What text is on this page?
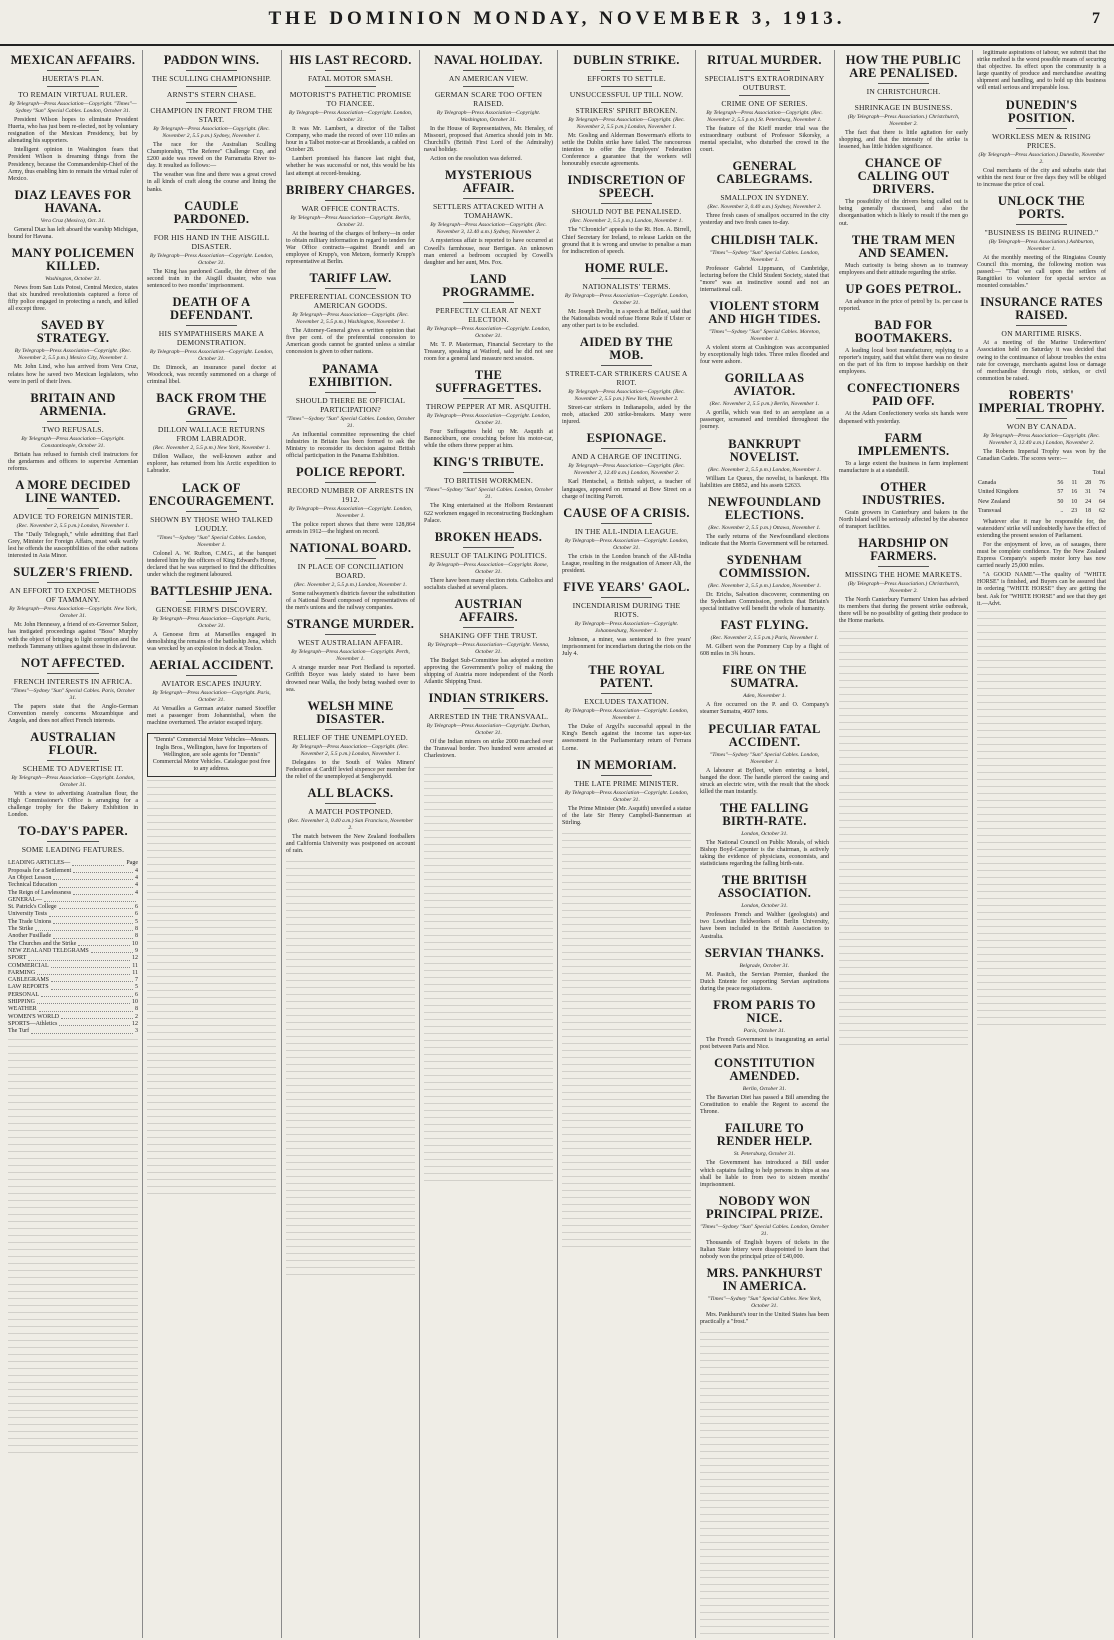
THE DOMINION MONDAY, NOVEMBER 3, 1913.	7
MEXICAN AFFAIRS.
HUERTA'S PLAN.
TO REMAIN VIRTUAL RULER.
By Telegraph—Press Association—Copyright. "Times"—Sydney "Sun" Special Cables. London, October 31.

President Wilson hopes to eliminate President Huerta, who has just been re-elected, not by voluntary resignation of the Mexican Presidency, but by alienating his supporters.

Intelligent opinion in Washington fears that President Wilson is dreaming things from the Presidency, because the Commandership-Chief of the Army, thus enabling him to remain the virtual ruler of Mexico.

DIAZ LEAVES FOR HAVANA.
Vera Cruz (Mexico), Oct. 31.

General Diaz has left aboard the warship Michigan, bound for Havana.

MANY POLICEMEN KILLED.
Washington, October 31.

News from San Luis Potosi, Central Mexico, states that six hundred revolutionists captured a force of fifty police engaged in protecting a ranch, and killed all except three.

SAVED BY STRATEGY.
By Telegraph—Press Association—Copyright. (Rec. November 2, 5.5 p.m.) Mexico City, November 1.

Mr. John Lind, who has arrived from Vera Cruz, relates how he saved two Mexican legislators, who were in peril of their lives.

BRITAIN AND ARMENIA.
TWO REFUSALS.
By Telegraph—Press Association—Copyright. Constantinople, October 31.

Britain has refused to furnish civil instructors for the gendarmes and officers to supervise Armenian reforms.

A MORE DECIDED LINE WANTED.
ADVICE TO FOREIGN MINISTER.
(Rec. November 2, 5.5 p.m.) London, November 1.

The "Daily Telegraph," while admitting that Earl Grey, Minister for Foreign Affairs, must walk warily lest he offends the susceptibilities of the other nations interested in Asia Minor.

SULZER'S FRIEND.
AN EFFORT TO EXPOSE METHODS OF TAMMANY.
By Telegraph—Press Association—Copyright. New York, October 31.

Mr. John Hennessy, a friend of ex-Governor Sulzer, has instigated proceedings against "Boss" Murphy with the object of bringing to light corruption and the methods Tammany utilises against those in disfavour.

NOT AFFECTED.
FRENCH INTERESTS IN AFRICA.
"Times"—Sydney "Sun" Special Cables. Paris, October 31.

The papers state that the Anglo-German Convention merely concerns Mozambique and Angola, and does not affect French interests.

AUSTRALIAN FLOUR.
SCHEME TO ADVERTISE IT.
By Telegraph—Press Association—Copyright. London, October 31.

With a view to advertising Australian flour, the High Commissioner's Office is arranging for a challenge trophy for the Bakery Exhibition in London.

TO-DAY'S PAPER.
SOME LEADING FEATURES.
LEADING ARTICLES—	Page
Proposals for a Settlement	4
An Object Lesson	4
Technical Education	4
The Reign of Lawlessness	4
GENERAL—
St. Patrick's College	6
University Tests	6
The Trade Unions	5
The Strike	8
Another Fusillade	8
The Churches and the Strike	10
NEW ZEALAND TELEGRAMS	9
SPORT	12
COMMERCIAL	11
FARMING	11
CABLEGRAMS	7
LAW REPORTS	5
PERSONAL	6
SHIPPING	10
WEATHER	8
WOMEN'S WORLD	2
SPORTS—Athletics	12
The Turf	3
PADDON WINS.
THE SCULLING CHAMPIONSHIP.
ARNST'S STERN CHASE.
CHAMPION IN FRONT FROM THE START.
By Telegraph—Press Association—Copyright. (Rec. November 2, 5.5 p.m.) Sydney, November 1.

The race for the Australian Sculling Championship, "The Referee" Challenge Cup, and £200 aside was rowed on the Parramatta River to-day. It resulted as follows:—

The weather was fine and there was a great crowd in all kinds of craft along the course and lining the banks.

CAUDLE PARDONED.
FOR HIS HAND IN THE AISGILL DISASTER.
By Telegraph—Press Association—Copyright. London, October 31.

The King has pardoned Caudle, the driver of the second train in the Aisgill disaster, who was sentenced to two months' imprisonment.

DEATH OF A DEFENDANT.
HIS SYMPATHISERS MAKE A DEMONSTRATION.
By Telegraph—Press Association—Copyright. London, October 31.

Dr. Dimock, an insurance panel doctor at Woodcock, was recently summoned on a charge of criminal libel.

BACK FROM THE GRAVE.
DILLON WALLACE RETURNS FROM LABRADOR.
(Rec. November 2, 5.5 p.m.) New York, November 1.

Dillon Wallace, the well-known author and explorer, has returned from his Arctic expedition to Labrador.

LACK OF ENCOURAGEMENT.
SHOWN BY THOSE WHO TALKED LOUDLY.
"Times"—Sydney "Sun" Special Cables. London, November 1.

Colonel A. W. Rufton, C.M.G., at the banquet tendered him by the officers of King Edward's Horse, declared that he was surprised to find the difficulties under which the regiment laboured.

BATTLESHIP JENA.
GENOESE FIRM'S DISCOVERY.
By Telegraph—Press Association—Copyright. Paris, October 31.

A Genoese firm at Marseilles engaged in demolishing the remains of the battleship Jena, which was wrecked by an explosion in dock at Toulon.

AERIAL ACCIDENT.
AVIATOR ESCAPES INJURY.
By Telegraph—Press Association—Copyright. Paris, October 31.

At Versailles a German aviator named Stoeffler met a passenger from Johannisthal, when the machine overturned. The aviator escaped injury.

"Dennis" Commercial Motor Vehicles—Messrs. Inglis Bros., Wellington, have for Importers of Wellington, are sole agents for "Dennis" Commercial Motor Vehicles. Catalogue post free to any address.
HIS LAST RECORD.
FATAL MOTOR SMASH.
MOTORIST'S PATHETIC PROMISE TO FIANCEE.
By Telegraph—Press Association—Copyright. London, October 31.

It was Mr. Lambert, a director of the Talbot Company, who made the record of over 110 miles an hour in a Talbot motor-car at Brooklands, a cabled on October 28.

Lambert promised his fiancee last night that, whether he was successful or not, this would be his last attempt at record-breaking.

BRIBERY CHARGES.
WAR OFFICE CONTRACTS.
By Telegraph—Press Association—Copyright. Berlin, October 31.

At the hearing of the charges of bribery—in order to obtain military information in regard to tenders for War Office contracts—against Brandt and an employee of Krupp's, von Metzen, formerly Krupp's representative at Berlin.

TARIFF LAW.
PREFERENTIAL CONCESSION TO AMERICAN GOODS.
By Telegraph—Press Association—Copyright. (Rec. November 2, 5.5 p.m.) Washington, November 1.

The Attorney-General gives a written opinion that five per cent. of the preferential concession to American goods cannot be granted unless a similar concession is given to other nations.

PANAMA EXHIBITION.
SHOULD THERE BE OFFICIAL PARTICIPATION?
"Times"—Sydney "Sun" Special Cables. London, October 31.

An influential committee representing the chief industries in Britain has been formed to ask the Ministry to reconsider its decision against British official participation in the Panama Exhibition.

POLICE REPORT.
RECORD NUMBER OF ARRESTS IN 1912.
By Telegraph—Press Association—Copyright. London, November 1.

The police report shows that there were 128,864 arrests in 1912—the highest on record.

NATIONAL BOARD.
IN PLACE OF CONCILIATION BOARD.
(Rec. November 2, 5.5 p.m.) London, November 1.

Some railwaymen's districts favour the substitution of a National Board composed of representatives of the men's unions and the railway companies.

STRANGE MURDER.
WEST AUSTRALIAN AFFAIR.
By Telegraph—Press Association—Copyright. Perth, November 1.

A strange murder near Port Hedland is reported. Griffith Boyce was lately stated to have been drowned near Walla, the body being washed over to sea.

WELSH MINE DISASTER.
RELIEF OF THE UNEMPLOYED.
By Telegraph—Press Association—Copyright. (Rec. November 2, 5.5 p.m.) London, November 1.

Delegates to the South of Wales Miners' Federation at Cardiff levied sixpence per member for the relief of the unemployed at Senghenydd.

ALL BLACKS.
A MATCH POSTPONED.
(Rec. November 3, 0.40 a.m.) San Francisco, November 2.

The match between the New Zealand footballers and California University was postponed on account of rain.

NAVAL HOLIDAY.
AN AMERICAN VIEW.
GERMAN SCARE TOO OFTEN RAISED.
By Telegraph—Press Association—Copyright. Washington, October 31.

In the House of Representatives, Mr. Hensley, of Missouri, proposed that America should join in Mr. Churchill's (British First Lord of the Admiralty) naval holiday.

Action on the resolution was deferred.

MYSTERIOUS AFFAIR.
SETTLERS ATTACKED WITH A TOMAHAWK.
By Telegraph—Press Association—Copyright. (Rec. November 3, 12.40 a.m.) Sydney, November 2.

A mysterious affair is reported to have occurred at Cowell's farmhouse, near Berrigan. An unknown man entered a bedroom occupied by Cowell's daughter and her aunt, Mrs. Fox.

LAND PROGRAMME.
PERFECTLY CLEAR AT NEXT ELECTION.
By Telegraph—Press Association—Copyright. London, October 31.

Mr. T. P. Masterman, Financial Secretary to the Treasury, speaking at Watford, said he did not see room for a general land measure next session.

THE SUFFRAGETTES.
THROW PEPPER AT MR. ASQUITH.
By Telegraph—Press Association—Copyright. London, October 31.

Four Suffragettes held up Mr. Asquith at Bannockburn, one crouching before his motor-car, while the others threw pepper at him.

KING'S TRIBUTE.
TO BRITISH WORKMEN.
"Times"—Sydney "Sun" Special Cables. London, October 31.

The King entertained at the Holborn Restaurant 622 workmen engaged in reconstructing Buckingham Palace.

BROKEN HEADS.
RESULT OF TALKING POLITICS.
By Telegraph—Press Association—Copyright. Rome, October 31.

There have been many election riots. Catholics and socialists clashed at several places.

AUSTRIAN AFFAIRS.
SHAKING OFF THE TRUST.
By Telegraph—Press Association—Copyright. Vienna, October 31.

The Budget Sub-Committee has adopted a motion approving the Government's policy of making the shipping of Austria more independent of the North Atlantic Shipping Trust.

INDIAN STRIKERS.
ARRESTED IN THE TRANSVAAL.
By Telegraph—Press Association—Copyright. Durban, October 31.

Of the Indian miners on strike 2000 marched over the Transvaal border. Two hundred were arrested at Charlestown.

DUBLIN STRIKE.
EFFORTS TO SETTLE.
UNSUCCESSFUL UP TILL NOW.
STRIKERS' SPIRIT BROKEN.
By Telegraph—Press Association—Copyright. (Rec. November 2, 5.5 p.m.) London, November 1.

Mr. Gosling and Alderman Bowerman's efforts to settle the Dublin strike have failed. The rancourous intention to offer the Employers' Federation Conference a guarantee that the workers will honourably execute agreements.

INDISCRETION OF SPEECH.
SHOULD NOT BE PENALISED.
(Rec. November 2, 5.5 p.m.) London, November 1.

The "Chronicle" appeals to the Rt. Hon. A. Birrell, Chief Secretary for Ireland, to release Larkin on the ground that it is wrong and unwise to penalise a man for indiscretion of speech.

HOME RULE.
NATIONALISTS' TERMS.
By Telegraph—Press Association—Copyright. London, October 31.

Mr. Joseph Devlin, in a speech at Belfast, said that the Nationalists would refuse Home Rule if Ulster or any other part is to be excluded.

AIDED BY THE MOB.
STREET-CAR STRIKERS CAUSE A RIOT.
By Telegraph—Press Association—Copyright. (Rec. November 2, 5.5 p.m.) New York, November 2.

Street-car strikers in Indianapolis, aided by the mob, attacked 200 strike-breakers. Many were injured.

ESPIONAGE.
AND A CHARGE OF INCITING.
By Telegraph—Press Association—Copyright. (Rec. November 2, 12.40 a.m.) London, November 2.

Karl Hentschel, a British subject, a teacher of languages, appeared on remand at Bow Street on a charge of inciting Parrott.

CAUSE OF A CRISIS.
IN THE ALL-INDIA LEAGUE.
By Telegraph—Press Association—Copyright. London, October 31.

The crisis in the London branch of the All-India League, resulting in the resignation of Ameer Ali, the president.

FIVE YEARS' GAOL.
INCENDIARISM DURING THE RIOTS.
By Telegraph—Press Association—Copyright. Johannesburg, November 1.

Johnson, a miner, was sentenced to five years' imprisonment for incendiarism during the riots on the July 4.

THE ROYAL PATENT.
EXCLUDES TAXATION.
By Telegraph—Press Association—Copyright. London, November 1.

The Duke of Argyll's successful appeal in the King's Bench against the income tax super-tax assessment in the Parliamentary return of Ferrara Lorne.

IN MEMORIAM.
THE LATE PRIME MINISTER.
By Telegraph—Press Association—Copyright. London, October 31.

The Prime Minister (Mr. Asquith) unveiled a statue of the late Sir Henry Campbell-Bannerman at Stirling.

RITUAL MURDER.
SPECIALIST'S EXTRAORDINARY OUTBURST.
CRIME ONE OF SERIES.
By Telegraph—Press Association—Copyright. (Rec. November 2, 5.5 p.m.) St. Petersburg, November 1.

The feature of the Kieff murder trial was the extraordinary outburst of Professor Sikorsky, a mental specialist, who disturbed the crowd in the court.

GENERAL CABLEGRAMS.
SMALLPOX IN SYDNEY.
(Rec. November 3, 0.40 a.m.) Sydney, November 2.

Three fresh cases of smallpox occurred in the city yesterday and two fresh cases to-day.

CHILDISH TALK.
"Times"—Sydney "Sun" Special Cables. London, November 1.

Professor Gabriel Lippmann, of Cambridge, lecturing before the Child Student Society, stated that "more" was an instinctive sound and not an international call.

VIOLENT STORM AND HIGH TIDES.
"Times"—Sydney "Sun" Special Cables. Moreton, November 1.

A violent storm at Cushington was accompanied by exceptionally high tides. Three miles flooded and four were ashore.

GORILLA AS AVIATOR.
(Rec. November 2, 5.5 p.m.) Berlin, November 1.

A gorilla, which was tied to an aeroplane as a passenger, screamed and trembled throughout the journey.

BANKRUPT NOVELIST.
(Rec. November 2, 5.5 p.m.) London, November 1.

William Le Queux, the novelist, is bankrupt. His liabilities are £8852, and his assets £2633.

NEWFOUNDLAND ELECTIONS.
(Rec. November 2, 5.5 p.m.) Ottawa, November 1.

The early returns of the Newfoundland elections indicate that the Morris Government will be returned.

SYDENHAM COMMISSION.
(Rec. November 2, 5.5 p.m.) London, November 1.

Dr. Erichs, Salvation discoverer, commenting on the Sydenham Commission, predicts that Britain's special initiative will benefit the whole of humanity.

FAST FLYING.
(Rec. November 2, 5.5 p.m.) Paris, November 1.

M. Gilbert won the Pommery Cup by a flight of 608 miles in 3¾ hours.

FIRE ON THE SUMATRA.
Aden, November 1.

A fire occurred on the P. and O. Company's steamer Sumatra, 4607 tons.

PECULIAR FATAL ACCIDENT.
"Times"—Sydney "Sun" Special Cables. London, November 1.

A labourer at Byfleet, when entering a hotel, banged the door. The handle pierced the casing and struck an electric wire, with the result that the shock killed the man instantly.

THE FALLING BIRTH-RATE.
London, October 31.

The National Council on Public Morals, of which Bishop Boyd-Carpenter is the chairman, is actively taking the evidence of physicians, economists, and statisticians regarding the falling birth-rate.

THE BRITISH ASSOCIATION.
London, October 31.

Professors French and Walther (geologists) and two Lowthian fieldworkers of Berlin University, have been included in the British Association to Australia.

SERVIAN THANKS.
Belgrade, October 31.

M. Pasitch, the Servian Premier, thanked the Dutch Entente for supporting Servian aspirations during the peace negotiations.

FROM PARIS TO NICE.
Paris, October 31.

The French Government is inaugurating an aerial post between Paris and Nice.

CONSTITUTION AMENDED.
Berlin, October 31.

The Bavarian Diet has passed a Bill amending the Constitution to enable the Regent to ascend the Throne.

FAILURE TO RENDER HELP.
St. Petersburg, October 31.

The Government has introduced a Bill under which captains failing to help persons in ships at sea shall be liable to from two to sixteen months' imprisonment.

NOBODY WON PRINCIPAL PRIZE.
"Times"—Sydney "Sun" Special Cables. London, October 31.

Thousands of English buyers of tickets in the Italian State lottery were disappointed to learn that nobody won the principal prize of £40,000.

MRS. PANKHURST IN AMERICA.
"Times"—Sydney "Sun" Special Cables. New York, October 31.

Mrs. Pankhurst's tour in the United States has been practically a "frost."

HOW THE PUBLIC ARE PENALISED.
IN CHRISTCHURCH.
SHRINKAGE IN BUSINESS.
(By Telegraph—Press Association.) Christchurch, November 2.

The fact that there is little agitation for early shopping, and that the intensity of the strike is lessened, has little hidden significance.

CHANCE OF CALLING OUT DRIVERS.

The possibility of the drivers being called out is being generally discussed, and also the disorganisation which is likely to result if the men go out.

THE TRAM MEN AND SEAMEN.

Much curiosity is being shown as to tramway employees and their attitude regarding the strike.

UP GOES PETROL.

An advance in the price of petrol by 1s. per case is reported.

BAD FOR BOOTMAKERS.

A leading local boot manufacturer, replying to a reporter's inquiry, said that whilst there was no desire on the part of his firm to impose hardship on their employees.

CONFECTIONERS PAID OFF.

At the Adam Confectionery works six hands were dispensed with yesterday.

FARM IMPLEMENTS.

To a large extent the business in farm implement manufacture is at a standstill.

OTHER INDUSTRIES.

Grain growers in Canterbury and bakers in the North Island will be seriously affected by the absence of transport facilities.

HARDSHIP ON FARMERS.
MISSING THE HOME MARKETS.
(By Telegraph—Press Association.) Christchurch, November 2.

The North Canterbury Farmers' Union has advised its members that during the present strike outbreak, there will be no possibility of getting their produce to the Home markets.

legitimate aspirations of labour, we submit that the strike method is the worst possible means of securing that objective. Its effect upon the community is a large quantity of produce and merchandise awaiting shipment and handling, and to hold up this business will entail serious and irreparable loss.

DUNEDIN'S POSITION.
WORKLESS MEN & RISING PRICES.
(By Telegraph—Press Association.) Dunedin, November 2.

Coal merchants of the city and suburbs state that within the next four or five days they will be obliged to increase the price of coal.

UNLOCK THE PORTS.
"BUSINESS IS BEING RUINED."
(By Telegraph—Press Association.) Ashburton, November 1.

At the monthly meeting of the Ringiatea County Council this morning, the following motion was passed:— "That we call upon the settlers of Rangitikei to volunteer for special service as mounted constables."

INSURANCE RATES RAISED.
ON MARITIME RISKS.

At a meeting of the Marine Underwriters' Association held on Saturday it was decided that owing to the continuance of labour troubles the extra rate for coverage, merchants against loss or damage of merchandise through riots, strikes, or civil commotion be raised.

ROBERTS' IMPERIAL TROPHY.
WON BY CANADA.
By Telegraph—Press Association—Copyright. (Rec. November 3, 12.40 a.m.) London, November 2.

The Roberts Imperial Trophy was won by the Canadian Cadets. The scores were:—

	Total			
Canada	56	11	28	76
United Kingdom	57	16	31	74
New Zealand	50	10	24	64
Transvaal	..	23	18	62

Whatever else it may be responsible for, the watersiders' strike will undoubtedly have the effect of extending the present session of Parliament.

For the enjoyment of love, as of sauages, there must be complete confidence. Try the New Zealand Express Company's superb motor lorry has now carried nearly 25,000 miles.

"A GOOD NAME"—The quality of "WHITE HORSE" is finished, and Buyers can be assured that in ordering "WHITE HORSE" they are getting the best. Ask for "WHITE HORSE" and see that they get it.—Advt.
